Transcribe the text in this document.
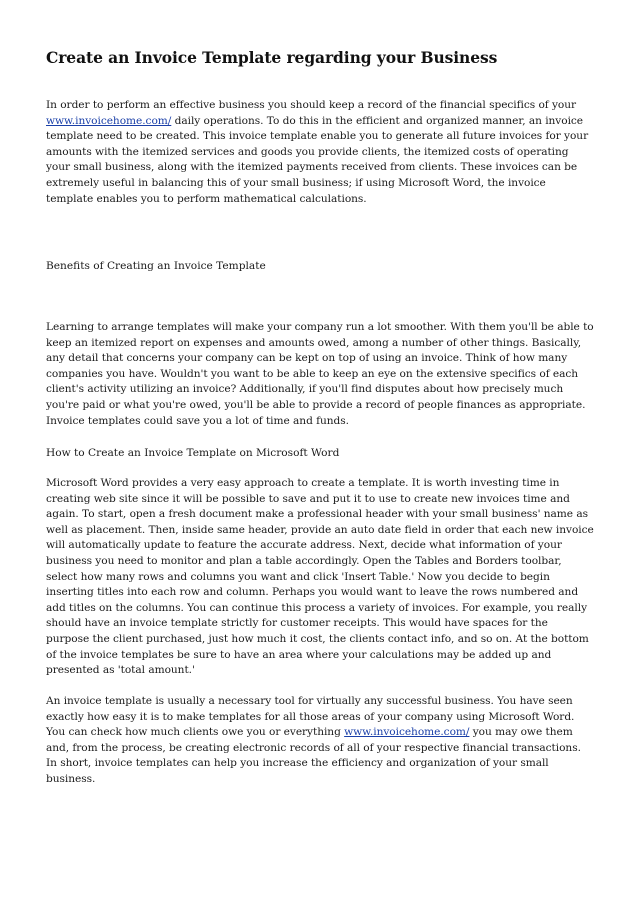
Create an Invoice Template regarding your Business

In order to perform an effective business you should keep a record of the financial specifics of your www.invoicehome.com/ daily operations. To do this in the efficient and organized manner, an invoice template need to be created. This invoice template enable you to generate all future invoices for your amounts with the itemized services and goods you provide clients, the itemized costs of operating your small business, along with the itemized payments received from clients. These invoices can be extremely useful in balancing this of your small business; if using Microsoft Word, the invoice template enables you to perform mathematical calculations.

Benefits of Creating an Invoice Template

Learning to arrange templates will make your company run a lot smoother. With them you'll be able to keep an itemized report on expenses and amounts owed, among a number of other things. Basically, any detail that concerns your company can be kept on top of using an invoice. Think of how many companies you have. Wouldn't you want to be able to keep an eye on the extensive specifics of each client's activity utilizing an invoice? Additionally, if you'll find disputes about how precisely much you're paid or what you're owed, you'll be able to provide a record of people finances as appropriate. Invoice templates could save you a lot of time and funds.

How to Create an Invoice Template on Microsoft Word

Microsoft Word provides a very easy approach to create a template. It is worth investing time in creating web site since it will be possible to save and put it to use to create new invoices time and again. To start, open a fresh document make a professional header with your small business' name as well as placement. Then, inside same header, provide an auto date field in order that each new invoice will automatically update to feature the accurate address. Next, decide what information of your business you need to monitor and plan a table accordingly. Open the Tables and Borders toolbar, select how many rows and columns you want and click 'Insert Table.' Now you decide to begin inserting titles into each row and column. Perhaps you would want to leave the rows numbered and add titles on the columns. You can continue this process a variety of invoices. For example, you really should have an invoice template strictly for customer receipts. This would have spaces for the purpose the client purchased, just how much it cost, the clients contact info, and so on. At the bottom of the invoice templates be sure to have an area where your calculations may be added up and presented as 'total amount.'

An invoice template is usually a necessary tool for virtually any successful business. You have seen exactly how easy it is to make templates for all those areas of your company using Microsoft Word. You can check how much clients owe you or everything www.invoicehome.com/ you may owe them and, from the process, be creating electronic records of all of your respective financial transactions. In short, invoice templates can help you increase the efficiency and organization of your small business.
